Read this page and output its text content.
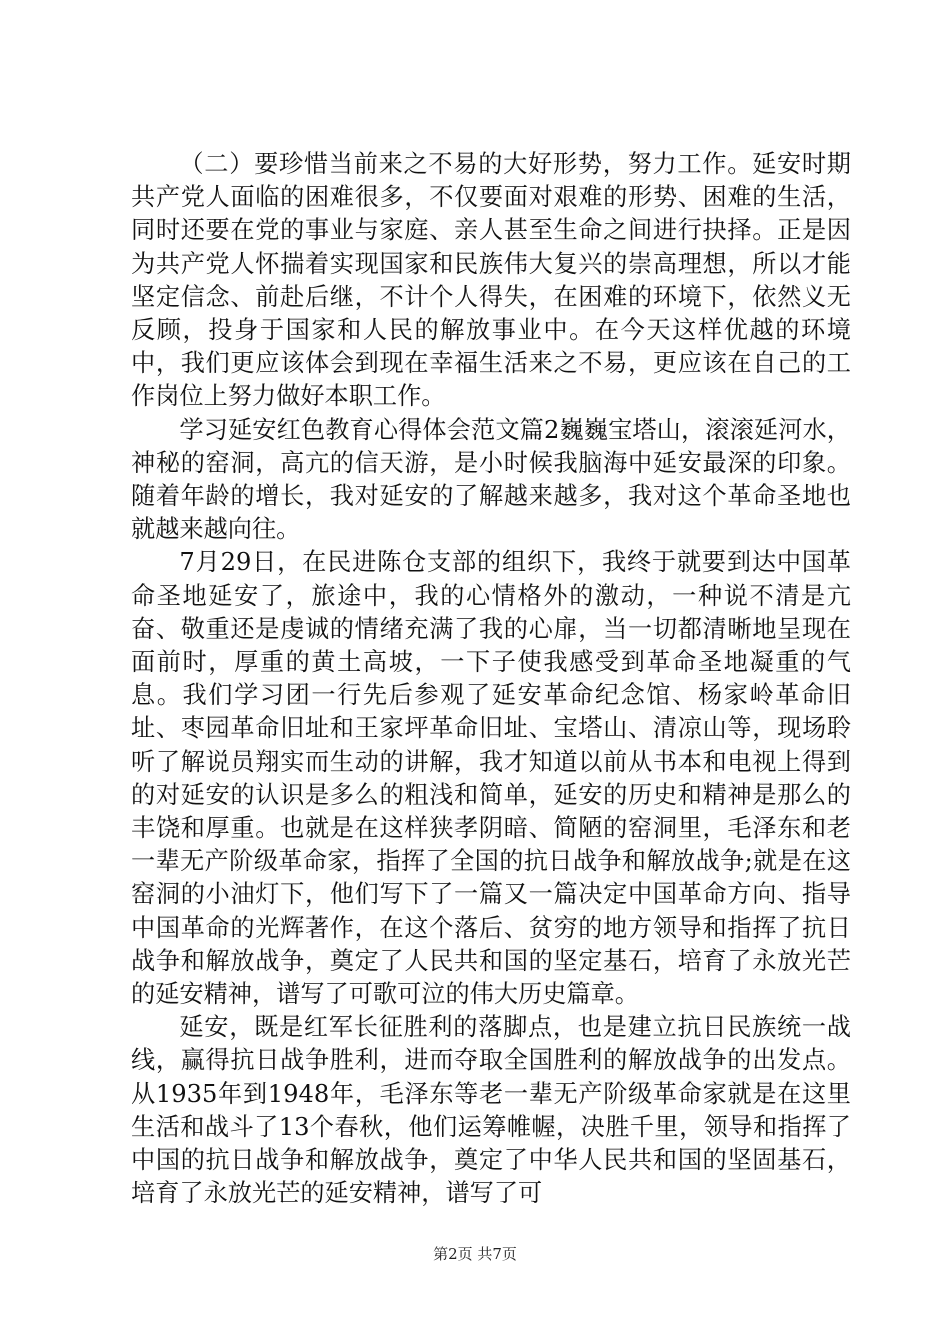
（二）要珍惜当前来之不易的大好形势，努力工作。延安时期共产党人面临的困难很多，不仅要面对艰难的形势、困难的生活，同时还要在党的事业与家庭、亲人甚至生命之间进行抉择。正是因为共产党人怀揣着实现国家和民族伟大复兴的崇高理想，所以才能坚定信念、前赴后继，不计个人得失，在困难的环境下，依然义无反顾，投身于国家和人民的解放事业中。在今天这样优越的环境中，我们更应该体会到现在幸福生活来之不易，更应该在自己的工作岗位上努力做好本职工作。

学习延安红色教育心得体会范文篇2巍巍宝塔山，滚滚延河水，神秘的窑洞，高亢的信天游，是小时候我脑海中延安最深的印象。随着年龄的增长，我对延安的了解越来越多，我对这个革命圣地也就越来越向往。

7月29日，在民进陈仓支部的组织下，我终于就要到达中国革命圣地延安了，旅途中，我的心情格外的激动，一种说不清是亢奋、敬重还是虔诚的情绪充满了我的心扉，当一切都清晰地呈现在面前时，厚重的黄土高坡，一下子使我感受到革命圣地凝重的气息。我们学习团一行先后参观了延安革命纪念馆、杨家岭革命旧址、枣园革命旧址和王家坪革命旧址、宝塔山、清凉山等，现场聆听了解说员翔实而生动的讲解，我才知道以前从书本和电视上得到的对延安的认识是多么的粗浅和简单，延安的历史和精神是那么的丰饶和厚重。也就是在这样狭孝阴暗、简陋的窑洞里，毛泽东和老一辈无产阶级革命家，指挥了全国的抗日战争和解放战争;就是在这窑洞的小油灯下，他们写下了一篇又一篇决定中国革命方向、指导中国革命的光辉著作，在这个落后、贫穷的地方领导和指挥了抗日战争和解放战争，奠定了人民共和国的坚定基石，培育了永放光芒的延安精神，谱写了可歌可泣的伟大历史篇章。

延安，既是红军长征胜利的落脚点，也是建立抗日民族统一战线，赢得抗日战争胜利，进而夺取全国胜利的解放战争的出发点。从1935年到1948年，毛泽东等老一辈无产阶级革命家就是在这里生活和战斗了13个春秋，他们运筹帷幄，决胜千里，领导和指挥了中国的抗日战争和解放战争，奠定了中华人民共和国的坚固基石，培育了永放光芒的延安精神，谱写了可

第2页 共7页
